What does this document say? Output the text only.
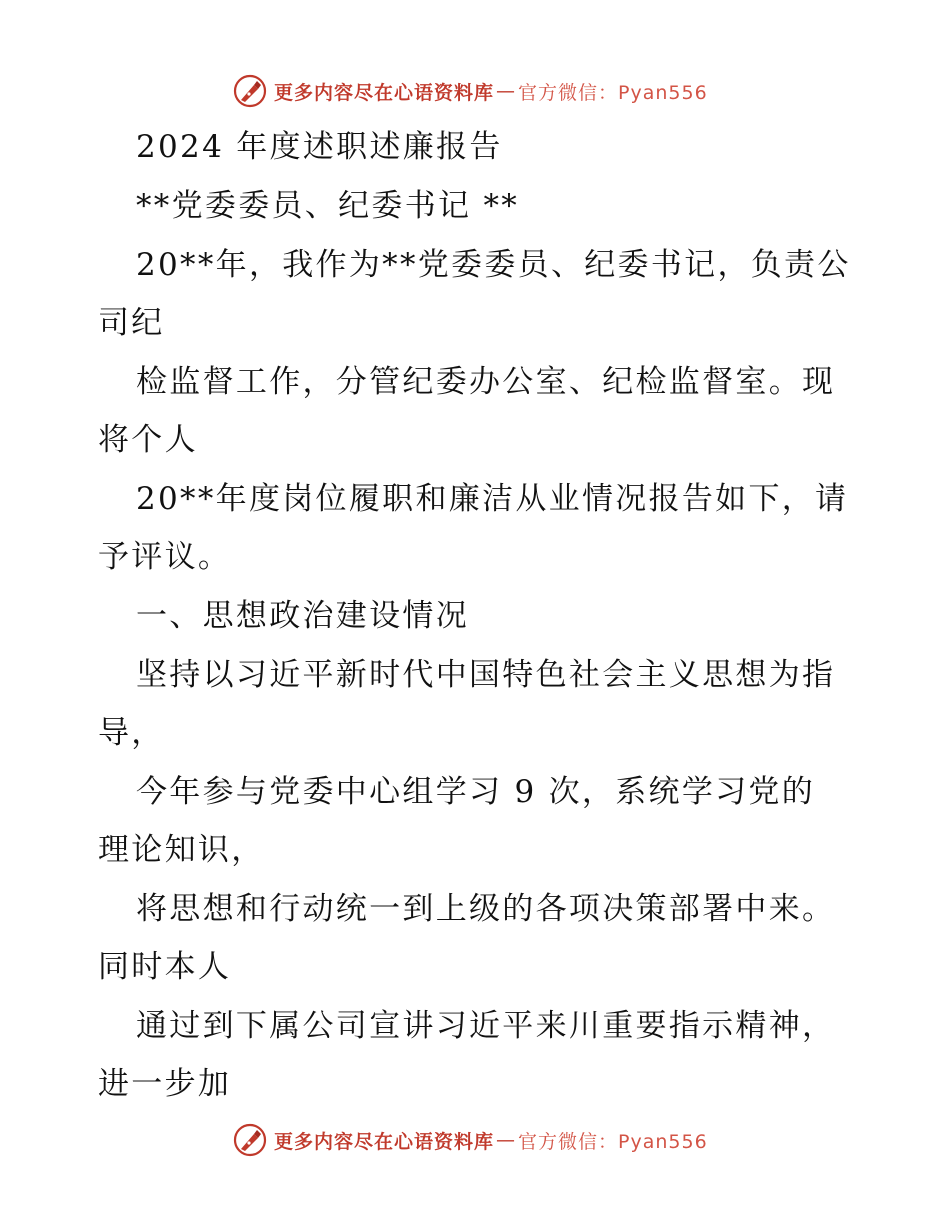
更多内容尽在心语资料库 — 官方微信：Pyan556
2024 年度述职述廉报告
**党委委员、纪委书记 **
20**年，我作为**党委委员、纪委书记，负责公
司纪
检监督工作，分管纪委办公室、纪检监督室。现
将个人
20**年度岗位履职和廉洁从业情况报告如下，请
予评议。
一、思想政治建设情况
坚持以习近平新时代中国特色社会主义思想为指
导，
今年参与党委中心组学习 9 次，系统学习党的
理论知识，
将思想和行动统一到上级的各项决策部署中来。
同时本人
通过到下属公司宣讲习近平来川重要指示精神，
进一步加
更多内容尽在心语资料库 — 官方微信：Pyan556
